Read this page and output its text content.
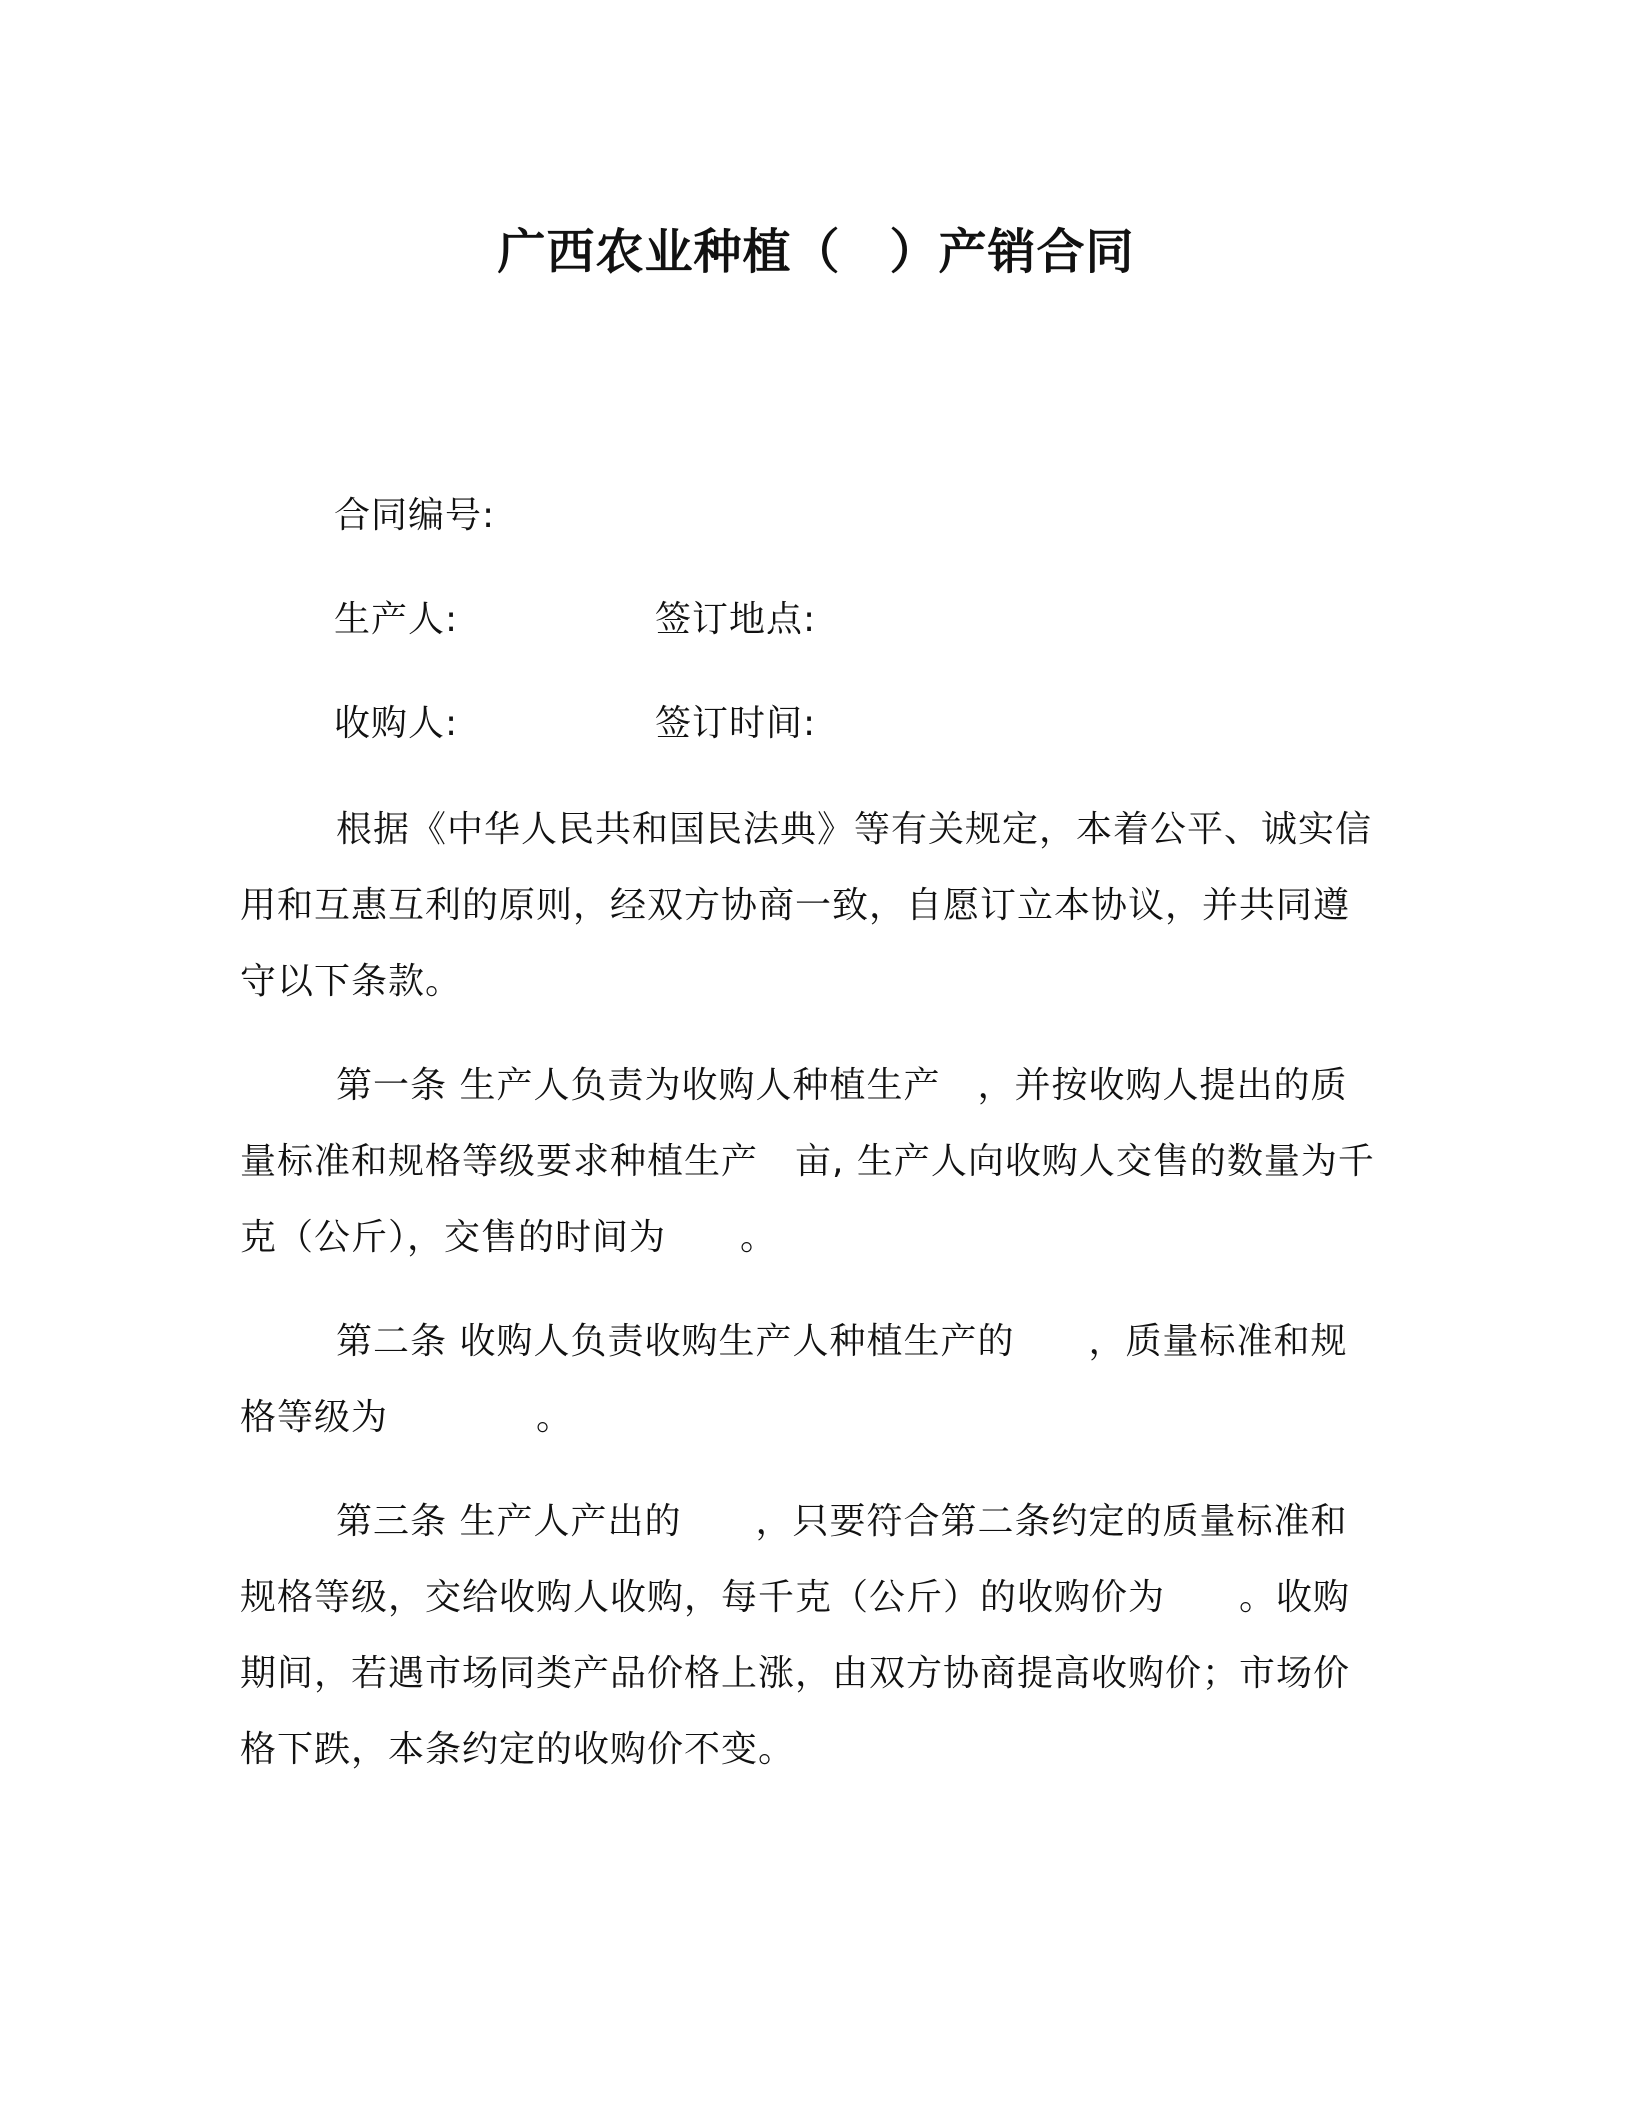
广西农业种植（　）产销合同
合同编号:
生产人:	签订地点:
收购人:	签订时间:

根据《中华人民共和国民法典》等有关规定，本着公平、诚实信用和互惠互利的原则，经双方协商一致，自愿订立本协议，并共同遵守以下条款。

第一条 生产人负责为收购人种植生产　，并按收购人提出的质量标准和规格等级要求种植生产　亩, 生产人向收购人交售的数量为千克（公斤），交售的时间为　　。

第二条 收购人负责收购生产人种植生产的　　，质量标准和规格等级为　　　　。

第三条 生产人产出的　　，只要符合第二条约定的质量标准和规格等级，交给收购人收购，每千克（公斤）的收购价为　　。收购期间，若遇市场同类产品价格上涨，由双方协商提高收购价；市场价格下跌，本条约定的收购价不变。
